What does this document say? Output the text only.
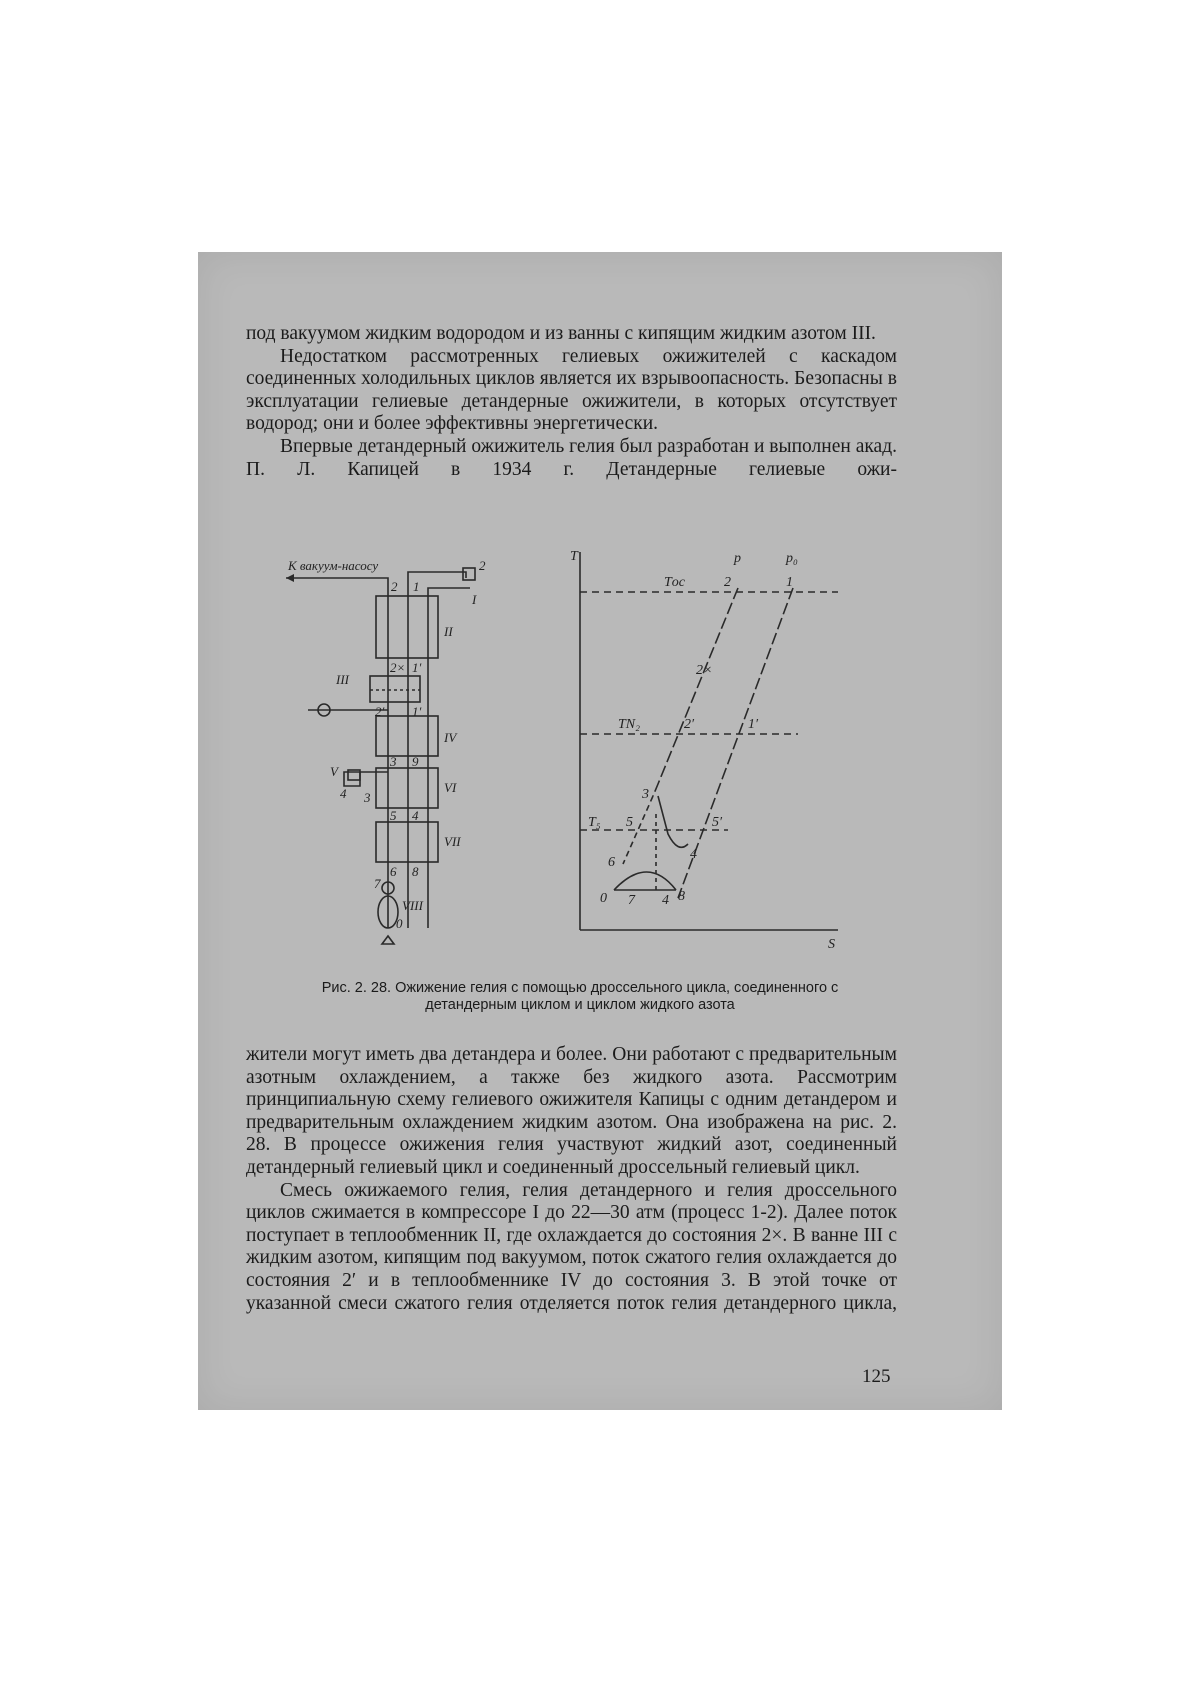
под вакуумом жидким водородом и из ванны с кипящим жидким азотом III.

Недостатком рассмотренных гелиевых ожижителей с каскадом соединенных холодильных циклов является их взрывоопасность. Безопасны в эксплуатации гелиевые детандерные ожижители, в которых отсутствует водород; они и более эффективны энергетически.

Впервые детандерный ожижитель гелия был разработан и выполнен акад. П. Л. Капицей в 1934 г. Детандерные гелиевые ожи-

К вакуум-насосу
2 1
2
I
II
2× 1′
III
2′ 1′
IV
3 9
V
4 3
VI
5 4
VII
6 8
7
VIII
0
T
S
p	p₀
Tос	2	1
2×
TN₂	2′	1′
3
T₅ 5	5′
4
6
0 7 4 8
Рис. 2. 28. Ожижение гелия с помощью дроссельного цикла, соединенного с
детандерным циклом и циклом жидкого азота

жители могут иметь два детандера и более. Они работают с предварительным азотным охлаждением, а также без жидкого азота. Рассмотрим принципиальную схему гелиевого ожижителя Капицы с одним детандером и предварительным охлаждением жидким азотом. Она изображена на рис. 2. 28. В процессе ожижения гелия участвуют жидкий азот, соединенный детандерный гелиевый цикл и соединенный дроссельный гелиевый цикл.

Смесь ожижаемого гелия, гелия детандерного и гелия дроссельного циклов сжимается в компрессоре I до 22—30 атм (процесс 1-2). Далее поток поступает в теплообменник II, где охлаждается до состояния 2×. В ванне III с жидким азотом, кипящим под вакуумом, поток сжатого гелия охлаждается до состояния 2′ и в теплообменнике IV до состояния 3. В этой точке от указанной смеси сжатого гелия отделяется поток гелия детандерного цикла,

125
